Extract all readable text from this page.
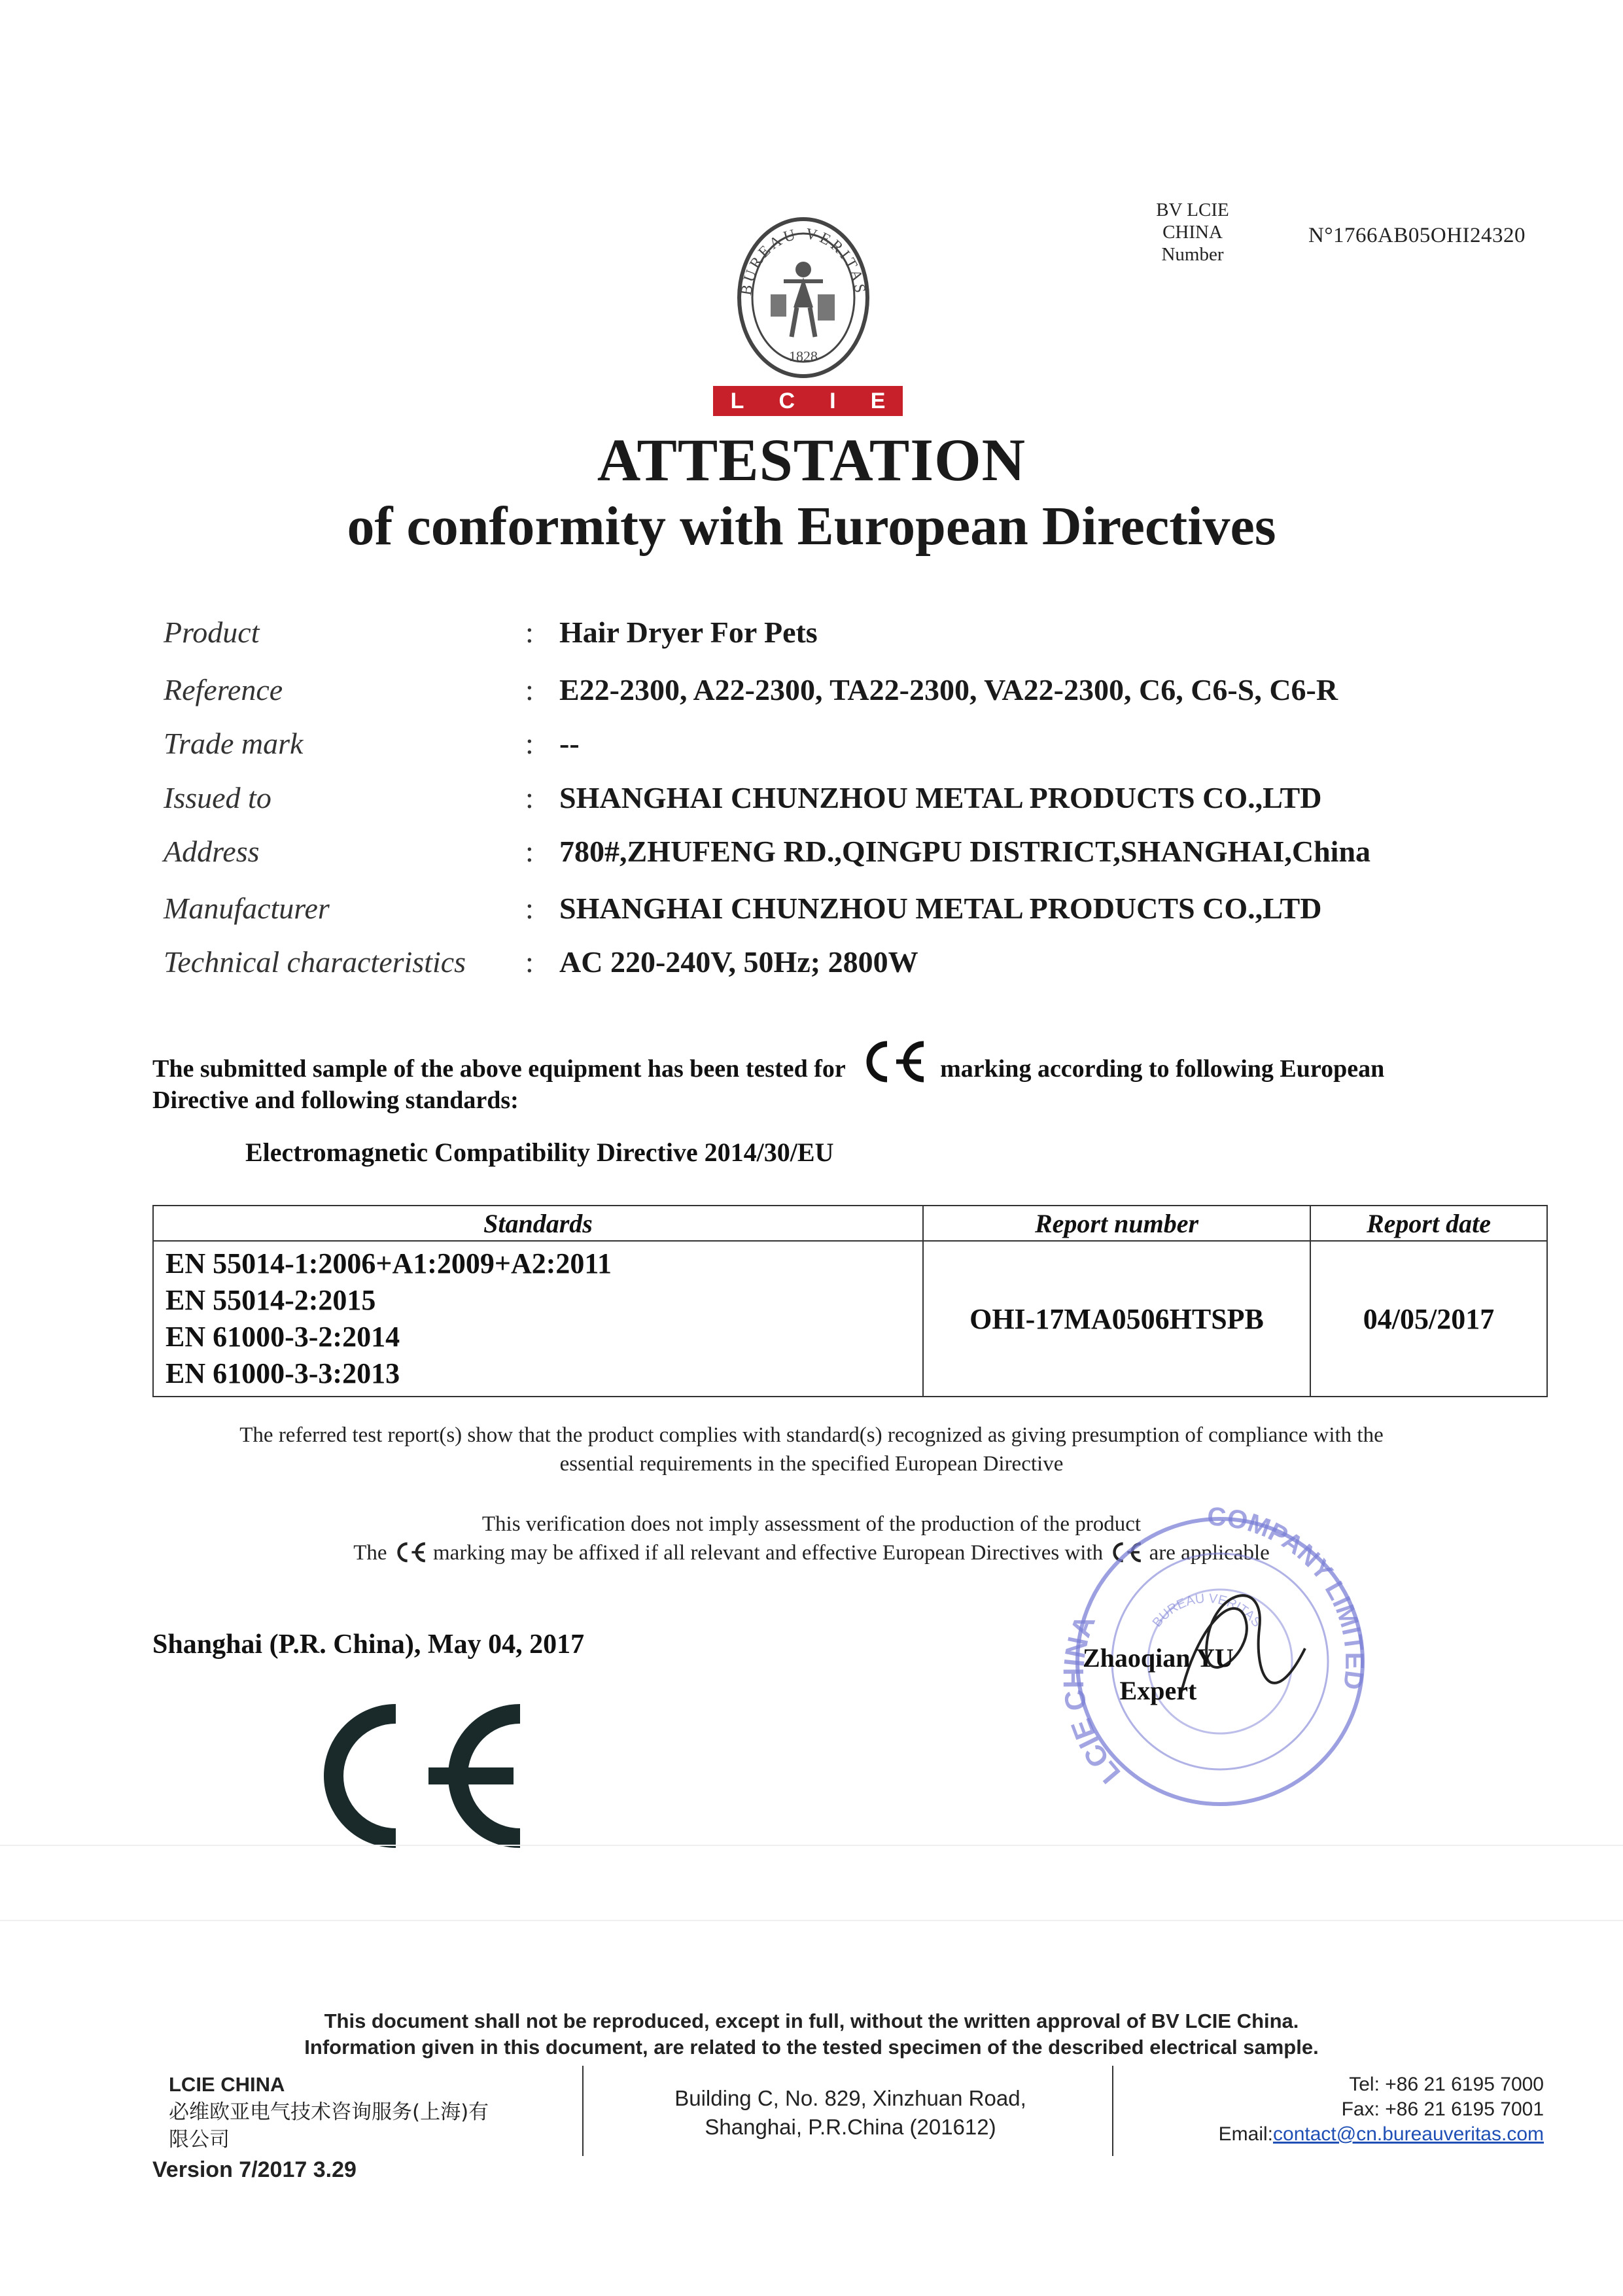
BV LCIE
CHINA
Number
N°1766AB05OHI24320
BUREAU VERITAS
1828
L C I E
ATTESTATION
of conformity with European Directives
Product	: Hair Dryer For Pets
Reference	: E22-2300, A22-2300, TA22-2300, VA22-2300, C6, C6-S, C6-R
Trade mark	: --
Issued to	: SHANGHAI CHUNZHOU METAL PRODUCTS CO.,LTD
Address	: 780#,ZHUFENG RD.,QINGPU DISTRICT,SHANGHAI,China
Manufacturer	: SHANGHAI CHUNZHOU METAL PRODUCTS CO.,LTD
Technical characteristics : AC 220-240V, 50Hz; 2800W
The submitted sample of the above equipment has been tested for	marking according to following European
Directive and following standards:
Electromagnetic Compatibility Directive 2014/30/EU
Standards	Report number	Report date

EN 55014-1:2006+A1:2009+A2:2011
EN 55014-2:2015
EN 61000-3-2:2014
EN 61000-3-3:2013	OHI-17MA0506HTSPB	04/05/2017
The referred test report(s) show that the product complies with standard(s) recognized as giving presumption of compliance with the
essential requirements in the specified European Directive
This verification does not imply assessment of the production of the product
The marking may be affixed if all relevant and effective European Directives with are applicable
Shanghai (P.R. China), May 04, 2017
LCIE CHINA
COMPANY LIMITED
BUREAU VERITAS
Zhaoqian YU
Expert
This document shall not be reproduced, except in full, without the written approval of BV LCIE China.
Information given in this document, are related to the tested specimen of the described electrical sample.
LCIE CHINA
必维欧亚电气技术咨询服务(上海)有
限公司
Building C, No. 829, Xinzhuan Road,
Shanghai, P.R.China (201612)
Tel: +86 21 6195 7000
Fax: +86 21 6195 7001
Email:contact@cn.bureauveritas.com
Version 7/2017 3.29
